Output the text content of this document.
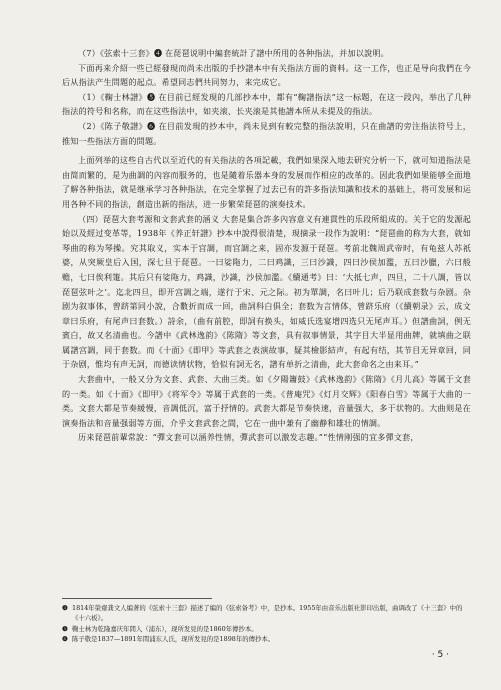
（7）《弦索十三套》❹ 在琵琶说明中編套統計了譜中所用的各种指法，并加以說明。

下面再来介紹一些已經發現而尚未出版的手抄譜本中有关指法方面的資料。这一工作，也正是导向我們在今后从指法产生問題的起点。希望同志們共同努力，来完成它。

（1）《鞠士林譜》❺ 在目前已經发現的几部抄本中，都有“鞠譜指法”这一标題，在这一段內，举出了几种指法的符号和名称，而在这些指法中，如夹滚、长夹滚是其他譜本所从未提及的指法。

（2）《陈子敬譜》❻ 在目前发現的抄本中，尚未見到有較完整的指法說明，只在曲譜的旁注指法符号上，推知一些指法方面的問題。

上面列举的这些自古代以至近代的有关指法的各項記載，我們如果深入地去研究分析一下，就可知道指法是由简而繁的，是为曲調的內容而服务的，也是隨着乐器本身的发展而作相应的改革的。因此我們如果能够全面地了解各种指法，就是继承学习各种指法，在完全掌握了过去已有的許多指法知識和技术的基础上，将可发展和运用各种不同的指法，創造出新的指法，进一步繁荣琵琶的演奏技术。

（四）琵琶大套考源和文套武套的涵义 大套是集合許多內容意义有連貫性的乐段所組成的。关于它的发源起始以及經过变革等，1938年《养正轩譜》抄本中說得很清楚，現摘录一段作为說明：“琵琶曲的称为大套，就如琴曲的称为琴操。究其取义，实本于宫調，而宫調之来，固亦发源于琵琶。考前北魏周武帝时，有龟兹人苏祇婆，从突厥皇后入国，深七旦于琵琶。一曰娑陁力，二曰鸡識，三曰沙識，四曰沙侯加濫，五曰沙臘，六曰般赡，七曰俟利箑。其后只有娑陁力，鸡識，沙識，沙侯加濫。《續通考》曰：‘大抵七声，四旦，二十八調，皆以琵琶弦叶之’。迄北四旦，即开宫調之端，遂行于宋、元之际。初为單調，名曰叶儿；后乃联成套数与杂剧。杂剧为叙事体，曾跻第同小說，合數折而成一回，曲詞科白俱全；套数为言情体，曾跻乐府（《續朝录》云，成文章曰乐府，有尾声曰套数。）詩余，（曲有前腔，即詞有换头，如威氏选宴增四选只无尾声耳。）但譜曲詞，例无賓白，故又名清曲也。今譜中《武林逸韵》《陈隋》等文套，具有叙事情景，其字目大半显用曲牌，就填曲之联属譜宫調，同于套数。而《十面》《即甲》等武套之表演故事，疑其檢影結声，有起有结，其节目无异章回，同于杂剧，惟均有声无詞，而德读情状物，恰似有詞无名，譜有单折之清曲，此大套命名之由来耳。”

大套曲中，一般又分为文套、武套、大曲三类。如《夕陽簫鼓》《武林逸韵》《陈隋》《月儿高》等属于文套的一类。如《十面》《即甲》《将军令》等属于武套的一类。《普庵咒》《灯月交辉》《阳春白雪》等属于大曲的一类。文套大都是节奏緩慢，音調低沉，富于抒情的。武套大都是节奏快速，音量强大，多于状物的。大曲则是在演奏指法和音量强弱等方面，介乎文套武套之間，它在一曲中兼有了幽静和雄壮的情調。

历来琵琶前輩常說：“彈文套可以涵养性情，彈武套可以激发志趣。”“性情刚强的宜多彈文套，

❹ 1814年榮齋龚文人编著的《弦索十三套》描述了编的《弦索备考》中，是抄本。1955年由音乐出版社影印出版，曲调改了《十三套》中的《十六板》。

❺ 鞠士林为乾隆嘉庆年間人（浦东），现所发見的是1860年傳抄本。

❻ 陈子敬是1837—1891年間浦东人氏，现所发見的是1898年的傳抄本。

· 5 ·
